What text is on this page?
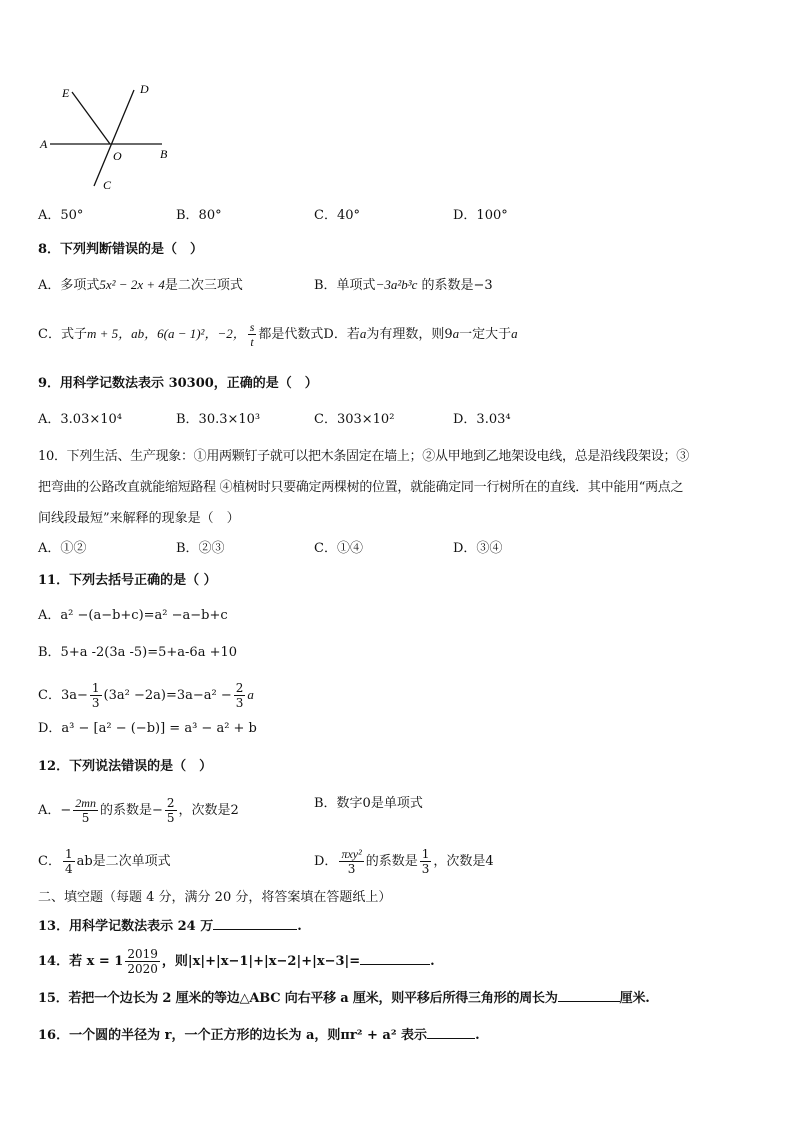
E	D
A
O	B
C
A．50°	B．80°	C．40°	D．100°
8．下列判断错误的是（　）
A．多项式5x² − 2x + 4是二次三项式	B．单项式−3a²b³c 的系数是−3
C．式子m + 5，ab，6(a − 1)²，−2， $\frac{s}{t}$ 都是代数式D．若a为有理数，则9a一定大于a
9．用科学记数法表示 30300，正确的是（　）
A．3.03×10⁴	B．30.3×10³	C．303×10²	D．3.03⁴
10．下列生活、生产现象：①用两颗钉子就可以把木条固定在墙上；②从甲地到乙地架设电线，总是沿线段架设；③
把弯曲的公路改直就能缩短路程 ④植树时只要确定两棵树的位置，就能确定同一行树所在的直线．其中能用“两点之
间线段最短”来解释的现象是（　）
A．①②	B．②③	C．①④	D．③④
11．下列去括号正确的是（ ）
A．a² −(a−b+c)=a² −a−b+c
B．5+a -2(3a -5)=5+a-6a +10
C．$3a- \frac{1}{3} (3a^2 -2a)=3a-a^2 - \frac{2}{3}$ a
D．a³ − [a² − (−b)] = a³ − a² + b
12．下列说法错误的是（　）
A．− $\frac{2mn}{5}$ 的系数是− $\frac{2}{5}$ ，次数是2	B．数字0是单项式
C． $\frac{1}{4}$ ab是二次单项式	D． $\frac{\text{πxy²}}{3}$ 的系数是 $\frac{1}{3}$ ，次数是4
二、填空题（每题 4 分，满分 20 分，将答案填在答题纸上）
13．用科学记数法表示 24 万	.
14．若 $x = 1 \frac{2019}{2020}$ ，则|x|+|x−1|+|x−2|+|x−3|=	.
15．若把一个边长为 2 厘米的等边△ABC 向右平移 a 厘米，则平移后所得三角形的周长为	厘米.
16．一个圆的半径为 r，一个正方形的边长为 a，则πr² + a² 表示	.
